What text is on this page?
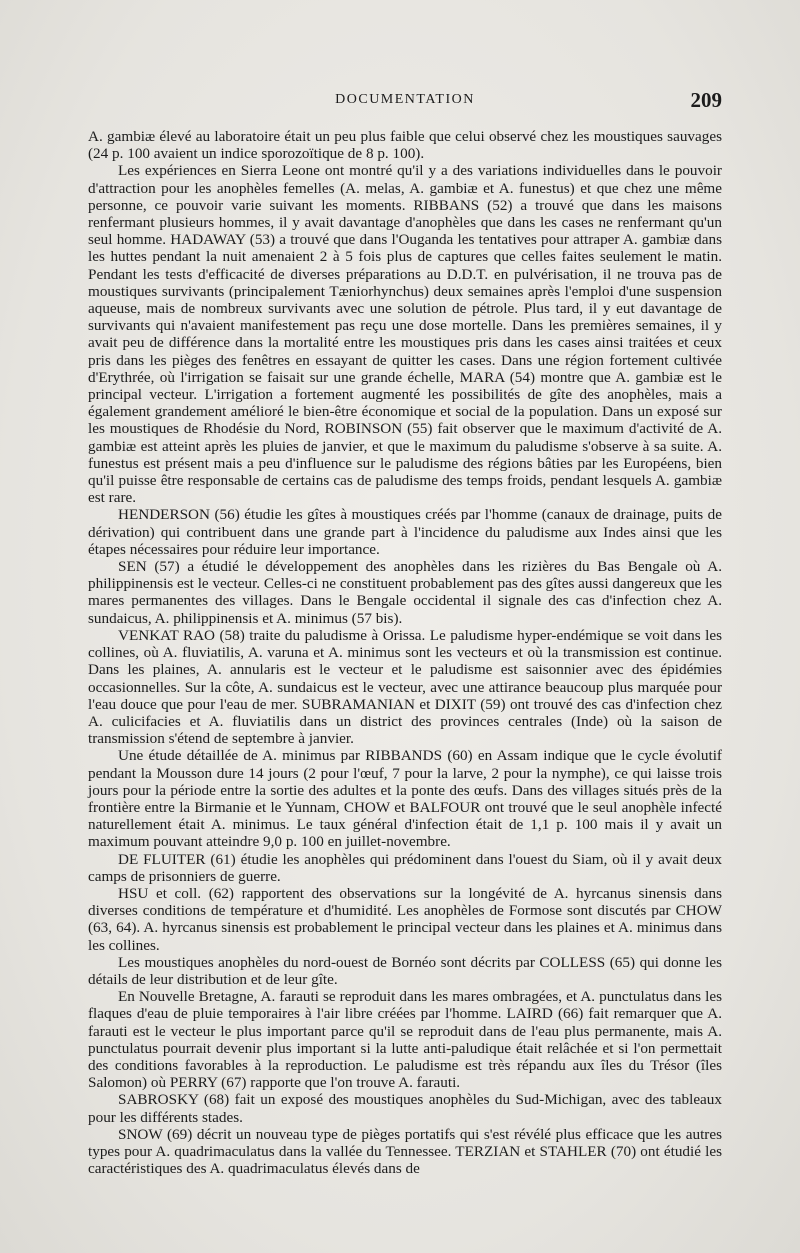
DOCUMENTATION	209

A. gambiæ élevé au laboratoire était un peu plus faible que celui observé chez les moustiques sauvages (24 p. 100 avaient un indice sporozoïtique de 8 p. 100).

Les expériences en Sierra Leone ont montré qu'il y a des variations individuelles dans le pouvoir d'attraction pour les anophèles femelles (A. melas, A. gambiæ et A. funestus) et que chez une même personne, ce pouvoir varie suivant les moments. RIBBANS (52) a trouvé que dans les maisons renfermant plusieurs hommes, il y avait davantage d'anophèles que dans les cases ne renfermant qu'un seul homme. HADAWAY (53) a trouvé que dans l'Ouganda les tentatives pour attraper A. gambiæ dans les huttes pendant la nuit amenaient 2 à 5 fois plus de captures que celles faites seulement le matin. Pendant les tests d'efficacité de diverses préparations au D.D.T. en pulvérisation, il ne trouva pas de moustiques survivants (principalement Tæniorhynchus) deux semaines après l'emploi d'une suspension aqueuse, mais de nombreux survivants avec une solution de pétrole. Plus tard, il y eut davantage de survivants qui n'avaient manifestement pas reçu une dose mortelle. Dans les premières semaines, il y avait peu de différence dans la mortalité entre les moustiques pris dans les cases ainsi traitées et ceux pris dans les pièges des fenêtres en essayant de quitter les cases. Dans une région fortement cultivée d'Erythrée, où l'irrigation se faisait sur une grande échelle, MARA (54) montre que A. gambiæ est le principal vecteur. L'irrigation a fortement augmenté les possibilités de gîte des anophèles, mais a également grandement amélioré le bien-être économique et social de la population. Dans un exposé sur les moustiques de Rhodésie du Nord, ROBINSON (55) fait observer que le maximum d'activité de A. gambiæ est atteint après les pluies de janvier, et que le maximum du paludisme s'observe à sa suite. A. funestus est présent mais a peu d'influence sur le paludisme des régions bâties par les Européens, bien qu'il puisse être responsable de certains cas de paludisme des temps froids, pendant lesquels A. gambiæ est rare.

HENDERSON (56) étudie les gîtes à moustiques créés par l'homme (canaux de drainage, puits de dérivation) qui contribuent dans une grande part à l'incidence du paludisme aux Indes ainsi que les étapes nécessaires pour réduire leur importance.

SEN (57) a étudié le développement des anophèles dans les rizières du Bas Bengale où A. philippinensis est le vecteur. Celles-ci ne constituent probablement pas des gîtes aussi dangereux que les mares permanentes des villages. Dans le Bengale occidental il signale des cas d'infection chez A. sundaicus, A. philippinensis et A. minimus (57 bis).

VENKAT RAO (58) traite du paludisme à Orissa. Le paludisme hyper-endémique se voit dans les collines, où A. fluviatilis, A. varuna et A. minimus sont les vecteurs et où la transmission est continue. Dans les plaines, A. annularis est le vecteur et le paludisme est saisonnier avec des épidémies occasionnelles. Sur la côte, A. sundaicus est le vecteur, avec une attirance beaucoup plus marquée pour l'eau douce que pour l'eau de mer. SUBRAMANIAN et DIXIT (59) ont trouvé des cas d'infection chez A. culicifacies et A. fluviatilis dans un district des provinces centrales (Inde) où la saison de transmission s'étend de septembre à janvier.

Une étude détaillée de A. minimus par RIBBANDS (60) en Assam indique que le cycle évolutif pendant la Mousson dure 14 jours (2 pour l'œuf, 7 pour la larve, 2 pour la nymphe), ce qui laisse trois jours pour la période entre la sortie des adultes et la ponte des œufs. Dans des villages situés près de la frontière entre la Birmanie et le Yunnam, CHOW et BALFOUR ont trouvé que le seul anophèle infecté naturellement était A. minimus. Le taux général d'infection était de 1,1 p. 100 mais il y avait un maximum pouvant atteindre 9,0 p. 100 en juillet-novembre.

DE FLUITER (61) étudie les anophèles qui prédominent dans l'ouest du Siam, où il y avait deux camps de prisonniers de guerre.

HSU et coll. (62) rapportent des observations sur la longévité de A. hyrcanus sinensis dans diverses conditions de température et d'humidité. Les anophèles de Formose sont discutés par CHOW (63, 64). A. hyrcanus sinensis est probablement le principal vecteur dans les plaines et A. minimus dans les collines.

Les moustiques anophèles du nord-ouest de Bornéo sont décrits par COLLESS (65) qui donne les détails de leur distribution et de leur gîte.

En Nouvelle Bretagne, A. farauti se reproduit dans les mares ombragées, et A. punctulatus dans les flaques d'eau de pluie temporaires à l'air libre créées par l'homme. LAIRD (66) fait remarquer que A. farauti est le vecteur le plus important parce qu'il se reproduit dans de l'eau plus permanente, mais A. punctulatus pourrait devenir plus important si la lutte anti-paludique était relâchée et si l'on permettait des conditions favorables à la reproduction. Le paludisme est très répandu aux îles du Trésor (îles Salomon) où PERRY (67) rapporte que l'on trouve A. farauti.

SABROSKY (68) fait un exposé des moustiques anophèles du Sud-Michigan, avec des tableaux pour les différents stades.

SNOW (69) décrit un nouveau type de pièges portatifs qui s'est révélé plus efficace que les autres types pour A. quadrimaculatus dans la vallée du Tennessee. TERZIAN et STAHLER (70) ont étudié les caractéristiques des A. quadrimaculatus élevés dans de
